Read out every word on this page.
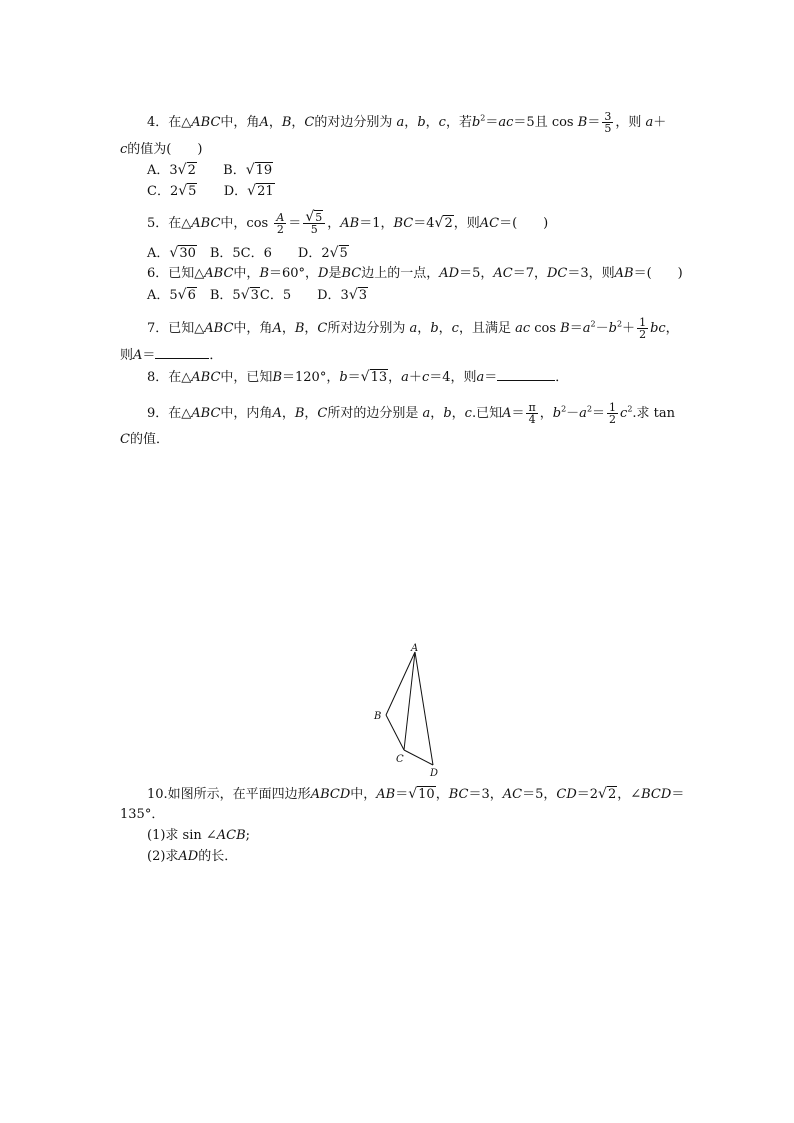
4．在△ABC中，角A，B，C的对边分别为 a，b，c，若$b^2=ac=5$且 $\cos B= \frac{3}{5}$ ，则 a＋
c的值为(　　)
A．3√2 B．√19
C．2√5 D．√21
5．在△ABC中，$\cos \frac{A}{2} = \frac{√5}{5}$ ，AB＝1，BC＝4√2，则AC＝(　　)
A．√30　B．5C．6　　D．2√5
6．已知△ABC中，B＝60°，D是BC边上的一点，AD＝5，AC＝7，DC＝3，则AB＝(　　)
A．5√6　B．5√3C．5　　D．3√3
7．已知△ABC中，角A，B，C所对边分别为 a，b，c，且满足 ac $\cos B=a^2-b^2+ \frac{1}{2}$ bc，
则A＝	．
8．在△ABC中，已知B＝120°，b＝√13，a＋c＝4，则a＝	．
9．在△ABC中，内角A，B，C所对的边分别是 a，b，c.已知$A= \frac{\pi}{4}$ ，$b^2-a^2= \frac{1}{2} c^2$.求 tan
C的值．
A
B
C
D
10.如图所示，在平面四边形ABCD中，AB＝√10，BC＝3，AC＝5，CD＝2√2，∠BCD＝
135°．
(1)求 sin ∠ACB;
(2)求AD的长．
